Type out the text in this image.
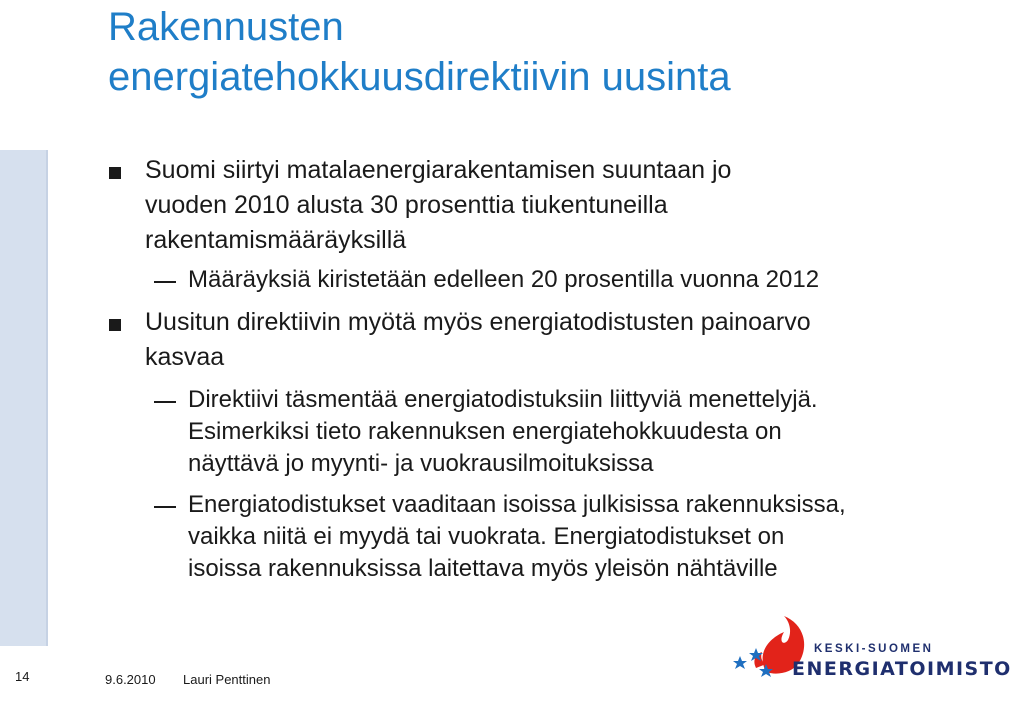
Rakennusten
energiatehokkuusdirektiivin uusinta
Suomi siirtyi matalaenergiarakentamisen suuntaan jo
vuoden 2010 alusta 30 prosenttia tiukentuneilla
rakentamismääräyksillä
Määräyksiä kiristetään edelleen 20 prosentilla vuonna 2012
Uusitun direktiivin myötä myös energiatodistusten painoarvo
kasvaa
Direktiivi täsmentää energiatodistuksiin liittyviä menettelyjä.
Esimerkiksi tieto rakennuksen energiatehokkuudesta on
näyttävä jo myynti- ja vuokrausilmoituksissa
Energiatodistukset vaaditaan isoissa julkisissa rakennuksissa,
vaikka niitä ei myydä tai vuokrata. Energiatodistukset on
isoissa rakennuksissa laitettava myös yleisön nähtäville
14	9.6.2010 Lauri Penttinen
KESKI-SUOMEN
ENERGIATOIMISTO
